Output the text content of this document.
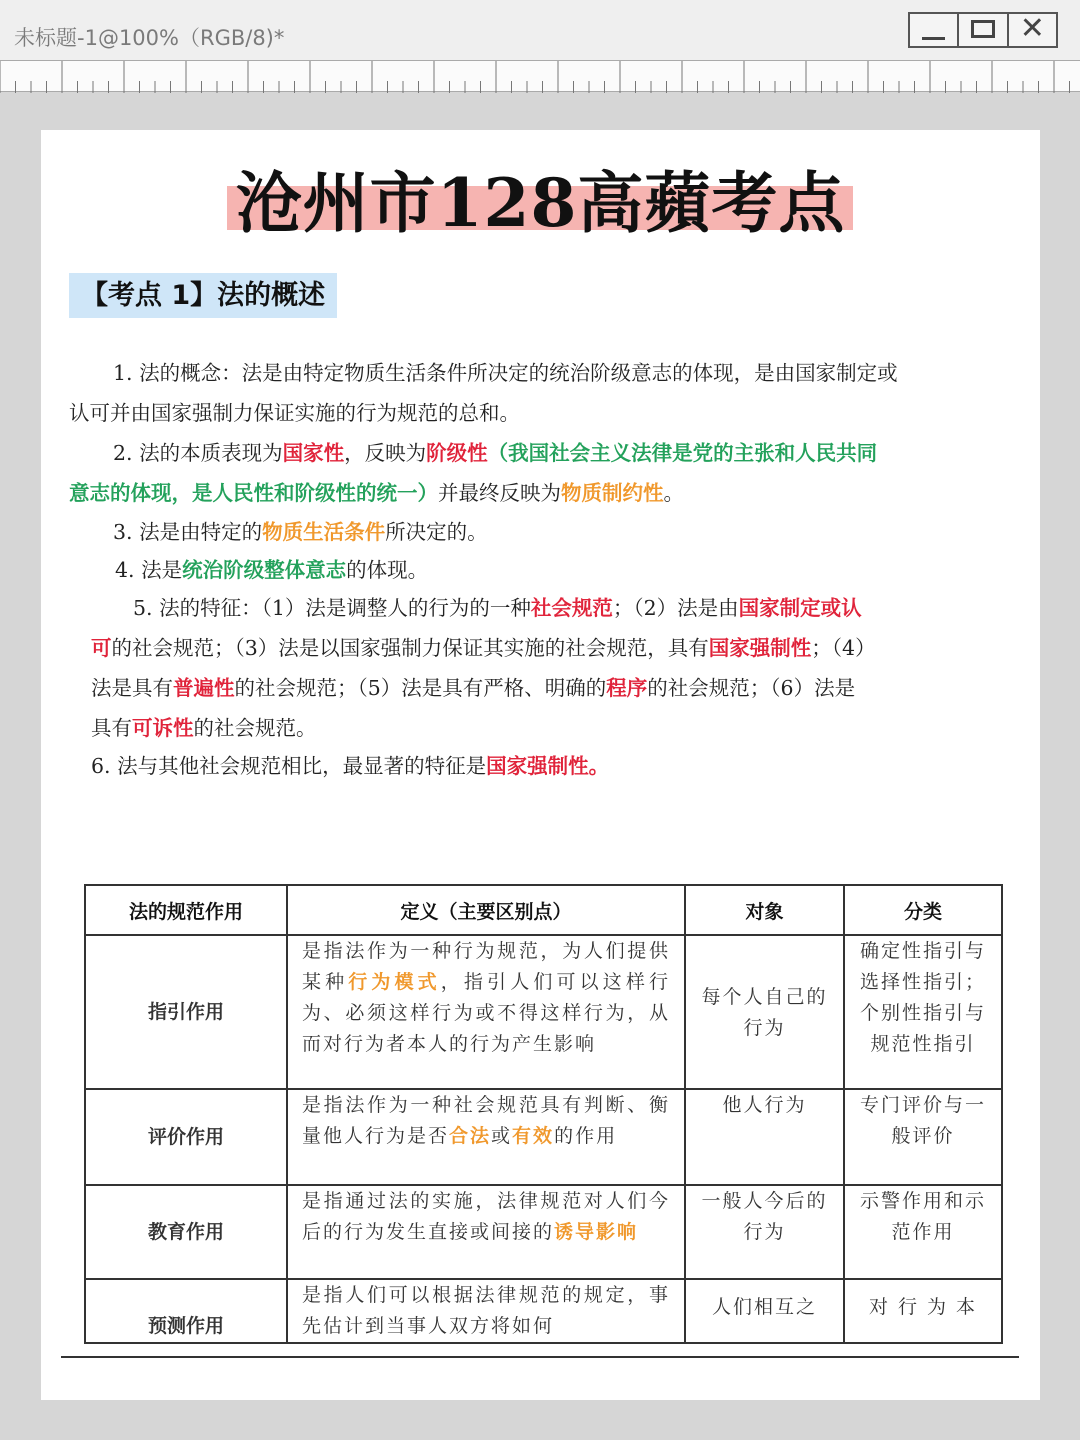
未标题-1@100%（RGB/8)*	✕
沧州市128高蘋考点
【考点 1】法的概述
1. 法的概念：法是由特定物质生活条件所决定的统治阶级意志的体现，是由国家制定或
认可并由国家强制力保证实施的行为规范的总和。
2. 法的本质表现为国家性，反映为阶级性（我国社会主义法律是党的主张和人民共同
意志的体现，是人民性和阶级性的统一）并最终反映为物质制约性。
3. 法是由特定的物质生活条件所决定的。
4. 法是统治阶级整体意志的体现。
5. 法的特征：（1）法是调整人的行为的一种社会规范；（2）法是由国家制定或认
可的社会规范；（3）法是以国家强制力保证其实施的社会规范，具有国家强制性；（4）
法是具有普遍性的社会规范；（5）法是具有严格、明确的程序的社会规范；（6）法是
具有可诉性的社会规范。
6. 法与其他社会规范相比，最显著的特征是国家强制性。
法的规范作用	定义（主要区别点）	对象	分类
指引作用	是指法作为一种行为规范，为人们提供某种行为模式，指引人们可以这样行为、必须这样行为或不得这样行为，从而对行为者本人的行为产生影响	每个人自己的行为	确定性指引与选择性指引；个别性指引与规范性指引
评价作用	是指法作为一种社会规范具有判断、衡量他人行为是否合法或有效的作用	他人行为	专门评价与一般评价
教育作用	是指通过法的实施，法律规范对人们今后的行为发生直接或间接的诱导影响	一般人今后的行为	示警作用和示范作用
预测作用	是指人们可以根据法律规范的规定，事先估计到当事人双方将如何	人们相互之	对 行 为 本
